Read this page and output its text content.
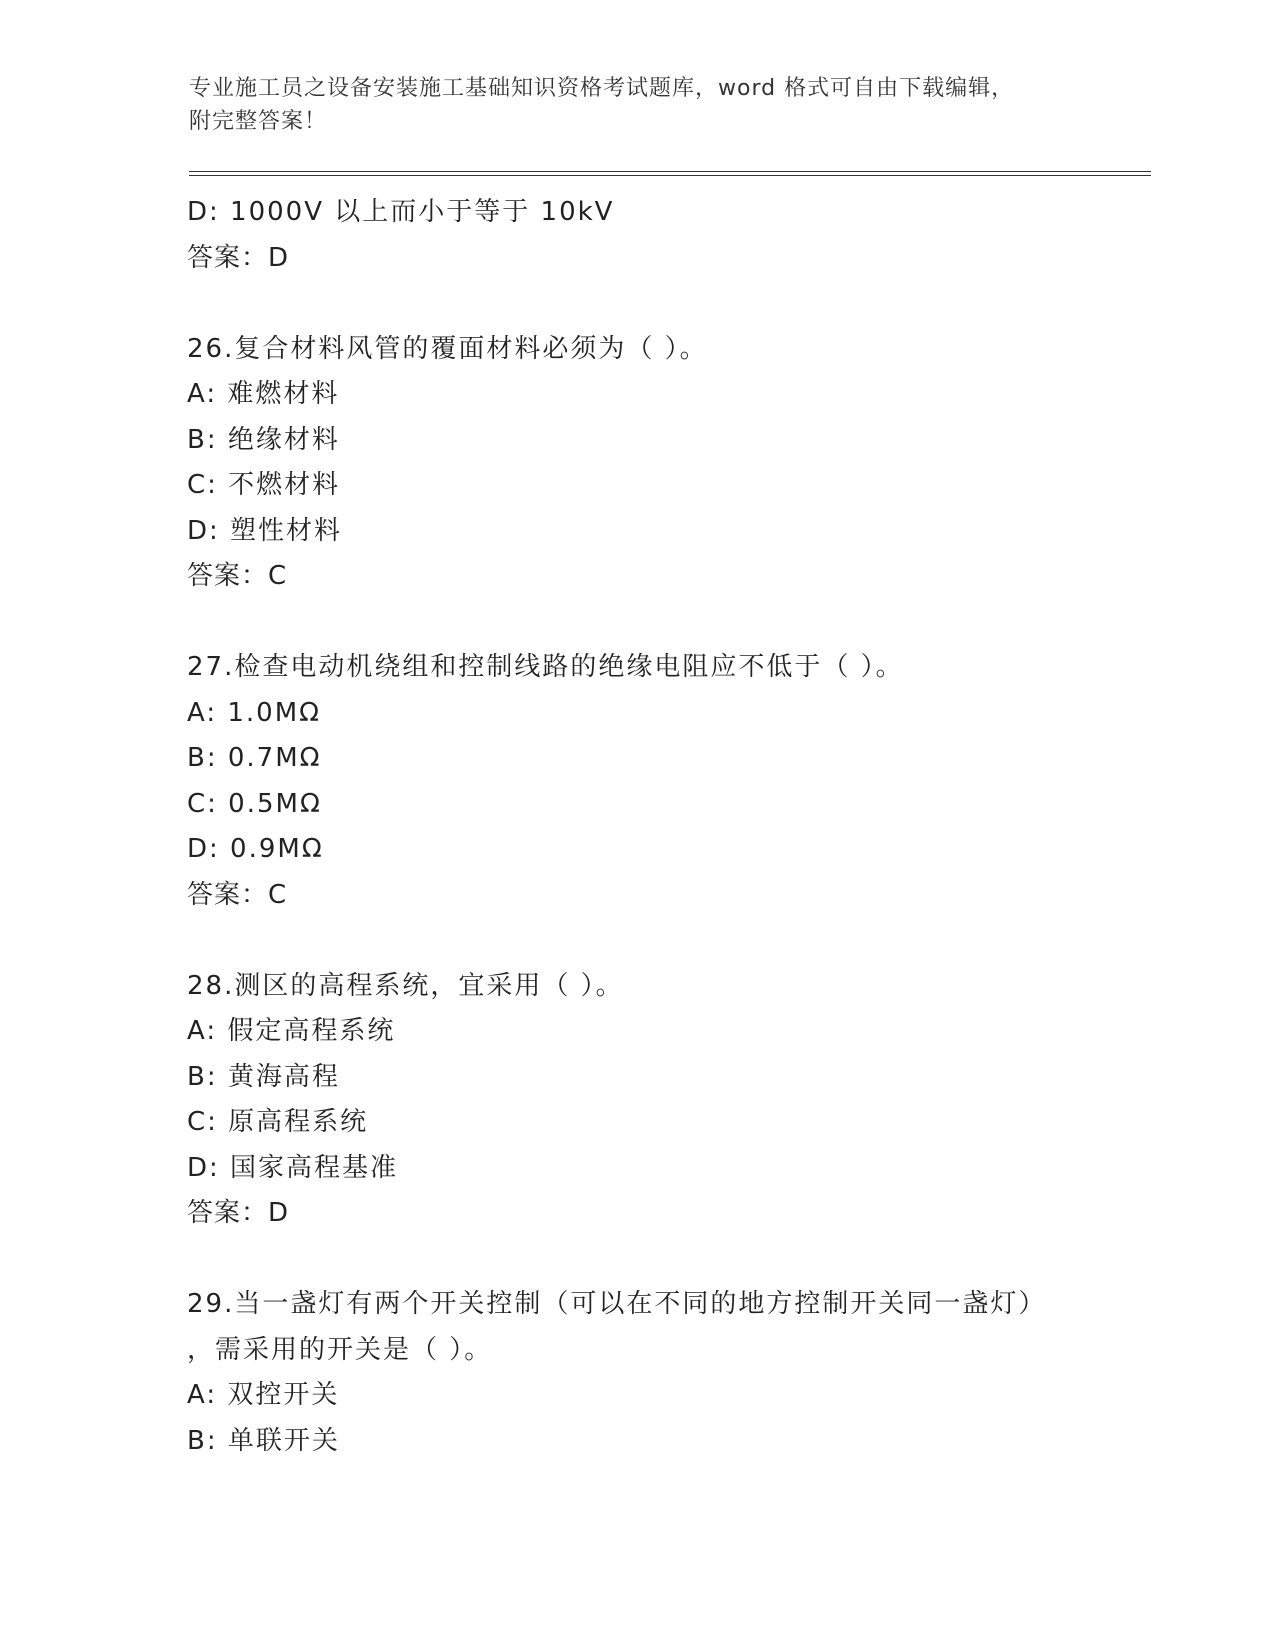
专业施工员之设备安装施工基础知识资格考试题库，word 格式可自由下载编辑，
附完整答案！
D: 1000V 以上而小于等于 10kV
答案：D
26.复合材料风管的覆面材料必须为（ ）。
A: 难燃材料
B: 绝缘材料
C: 不燃材料
D: 塑性材料
答案：C
27.检查电动机绕组和控制线路的绝缘电阻应不低于（ ）。
A: 1.0MΩ
B: 0.7MΩ
C: 0.5MΩ
D: 0.9MΩ
答案：C
28.测区的高程系统，宜采用（ ）。
A: 假定高程系统
B: 黄海高程
C: 原高程系统
D: 国家高程基准
答案：D
29.当一盏灯有两个开关控制（可以在不同的地方控制开关同一盏灯）
，需采用的开关是（ ）。
A: 双控开关
B: 单联开关
